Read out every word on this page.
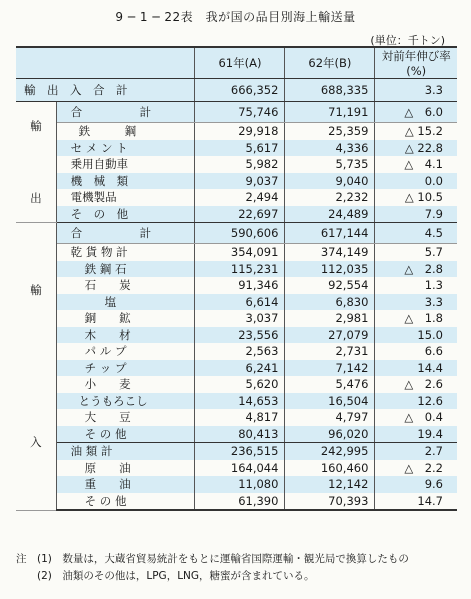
9 ─ 1 ─ 22表　我が国の品目別海上輸送量
(単位：千トン)
		61年(A)	62年(B)	対前年伸び率(%)
輸　出　入　合　計		666,352	688,335	3.3

輸
出	合　　　　　計	75,746	71,191	△　6.0
	鉄　　　鋼	29,918	25,359	△ 15.2
	セ メ ン ト	5,617	4,336	△ 22.8
	乗用自動車	5,982	5,735	△　4.1
	機　械　類	9,037	9,040	0.0
	電機製品	2,494	2,232	△ 10.5
	そ　の　他	22,697	24,489	7.9

輸
入	合　　　　　計	590,606	617,144	4.5
	乾 貨 物 計	354,091	374,149	5.7
	鉄 鋼 石	115,231	112,035	△　2.8
	石　　炭	91,346	92,554	1.3
	塩	6,614	6,830	3.3
	銅　　鉱	3,037	2,981	△　1.8
	木　　材	23,556	27,079	15.0
	パ ル プ	2,563	2,731	6.6
	チ ッ プ	6,241	7,142	14.4
	小　　麦	5,620	5,476	△　2.6
	とうもろこし	14,653	16,504	12.6
	大　　豆	4,817	4,797	△　0.4
	そ の 他	80,413	96,020	19.4
	油 類 計	236,515	242,995	2.7
	原　　油	164,044	160,460	△　2.2
	重　　油	11,080	12,142	9.6
	そ の 他	61,390	70,393	14.7
注　(1)　数量は，大蔵省貿易統計をもとに運輸省国際運輸・観光局で換算したもの
　　(2)　油類のその他は，LPG，LNG，糖蜜が含まれている。
